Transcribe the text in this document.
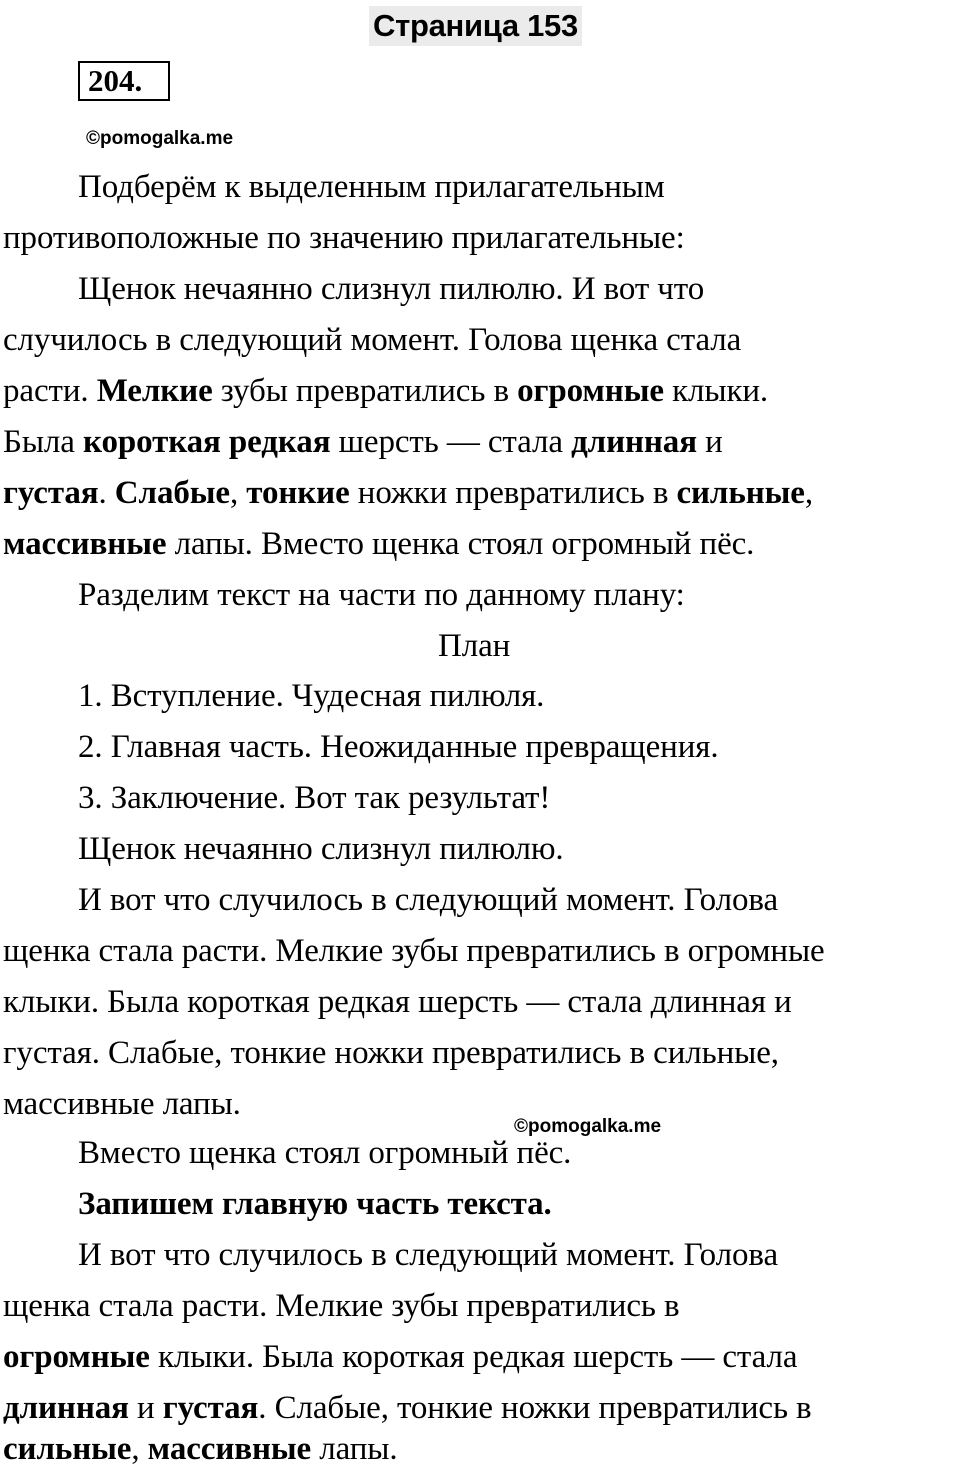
Страница 153
204.
©pomogalka.me
Подберём к выделенным прилагательным
противоположные по значению прилагательные:
Щенок нечаянно слизнул пилюлю. И вот что
случилось в следующий момент. Голова щенка стала
расти. Мелкие зубы превратились в огромные клыки.
Была короткая редкая шерсть — стала длинная и
густая. Слабые, тонкие ножки превратились в сильные,
массивные лапы. Вместо щенка стоял огромный пёс.
Разделим текст на части по данному плану:
План
1. Вступление. Чудесная пилюля.
2. Главная часть. Неожиданные превращения.
3. Заключение. Вот так результат!
Щенок нечаянно слизнул пилюлю.
И вот что случилось в следующий момент. Голова
щенка стала расти. Мелкие зубы превратились в огромные
клыки. Была короткая редкая шерсть — стала длинная и
густая. Слабые, тонкие ножки превратились в сильные,
массивные лапы.
©pomogalka.me
Вместо щенка стоял огромный пёс.
Запишем главную часть текста.
И вот что случилось в следующий момент. Голова
щенка стала расти. Мелкие зубы превратились в
огромные клыки. Была короткая редкая шерсть — стала
длинная и густая. Слабые, тонкие ножки превратились в
сильные, массивные лапы.
